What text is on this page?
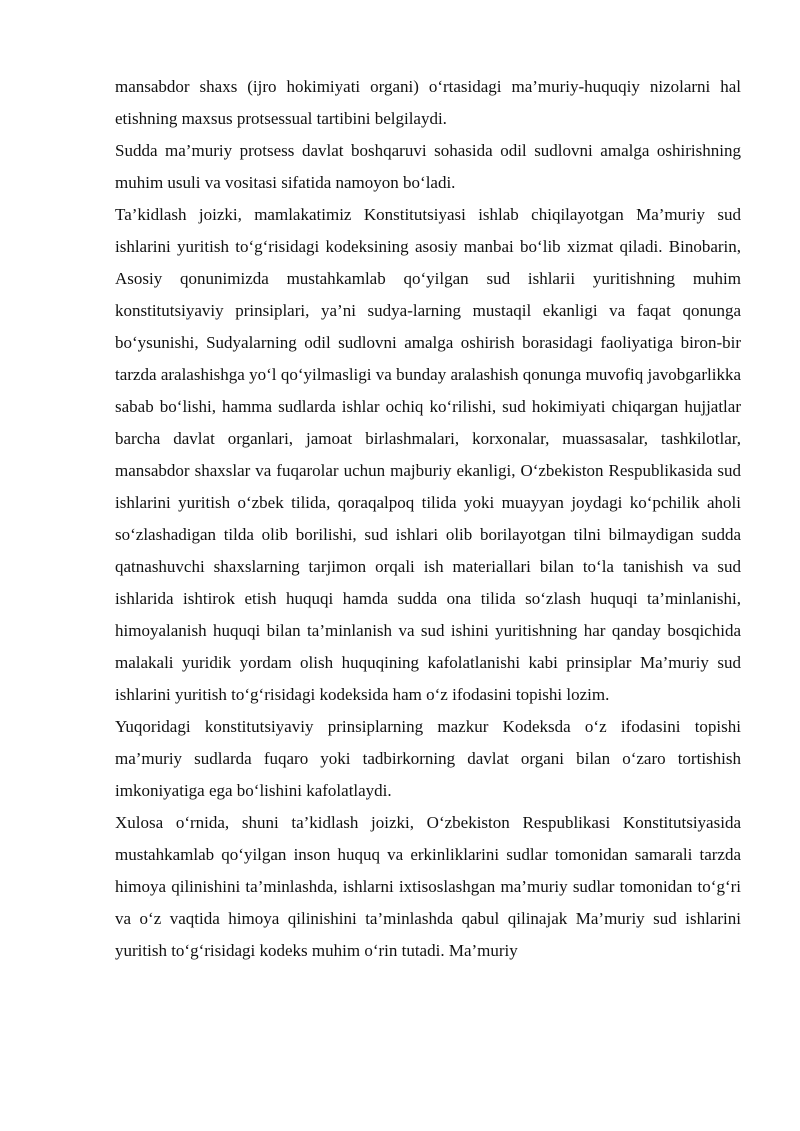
mansabdor shaxs (ijro hokimiyati organi) o‘rtasidagi ma’muriy-huquqiy nizolarni hal etishning maxsus protsessual tartibini belgilaydi.

Sudda ma’muriy protsess davlat boshqaruvi sohasida odil sudlovni amalga oshirishning muhim usuli va vositasi sifatida namoyon bo‘ladi.

Ta’kidlash joizki, mamlakatimiz Konstitutsiyasi ishlab chiqilayotgan Ma’muriy sud ishlarini yuritish to‘g‘risidagi kodeksining asosiy manbai bo‘lib xizmat qiladi. Binobarin, Asosiy qonunimizda mustahkamlab qo‘yilgan sud ishlarii yuritishning muhim konstitutsiyaviy prinsiplari, ya’ni sudya-larning mustaqil ekanligi va faqat qonunga bo‘ysunishi, Sudyalarning odil sudlovni amalga oshirish borasidagi faoliyatiga biron-bir tarzda aralashishga yo‘l qo‘yilmasligi va bunday aralashish qonunga muvofiq javobgarlikka sabab bo‘lishi, hamma sudlarda ishlar ochiq ko‘rilishi, sud hokimiyati chiqargan hujjatlar barcha davlat organlari, jamoat birlashmalari, korxonalar, muassasalar, tashkilotlar, mansabdor shaxslar va fuqarolar uchun majburiy ekanligi, O‘zbekiston Respublikasida sud ishlarini yuritish o‘zbek tilida, qoraqalpoq tilida yoki muayyan joydagi ko‘pchilik aholi so‘zlashadigan tilda olib borilishi, sud ishlari olib borilayotgan tilni bilmaydigan sudda qatnashuvchi shaxslarning tarjimon orqali ish materiallari bilan to‘la tanishish va sud ishlarida ishtirok etish huquqi hamda sudda ona tilida so‘zlash huquqi ta’minlanishi, himoyalanish huquqi bilan ta’minlanish va sud ishini yuritishning har qanday bosqichida malakali yuridik yordam olish huquqining kafolatlanishi kabi prinsiplar Ma’muriy sud ishlarini yuritish to‘g‘risidagi kodeksida ham o‘z ifodasini topishi lozim.

Yuqoridagi konstitutsiyaviy prinsiplarning mazkur Kodeksda o‘z ifodasini topishi ma’muriy sudlarda fuqaro yoki tadbirkorning davlat organi bilan o‘zaro tortishish imkoniyatiga ega bo‘lishini kafolatlaydi.

Xulosa o‘rnida, shuni ta’kidlash joizki, O‘zbekiston Respublikasi Konstitutsiyasida mustahkamlab qo‘yilgan inson huquq va erkinliklarini sudlar tomonidan samarali tarzda himoya qilinishini ta’minlashda, ishlarni ixtisoslashgan ma’muriy sudlar tomonidan to‘g‘ri va o‘z vaqtida himoya qilinishini ta’minlashda qabul qilinajak Ma’muriy sud ishlarini yuritish to‘g‘risidagi kodeks muhim o‘rin tutadi. Ma’muriy
